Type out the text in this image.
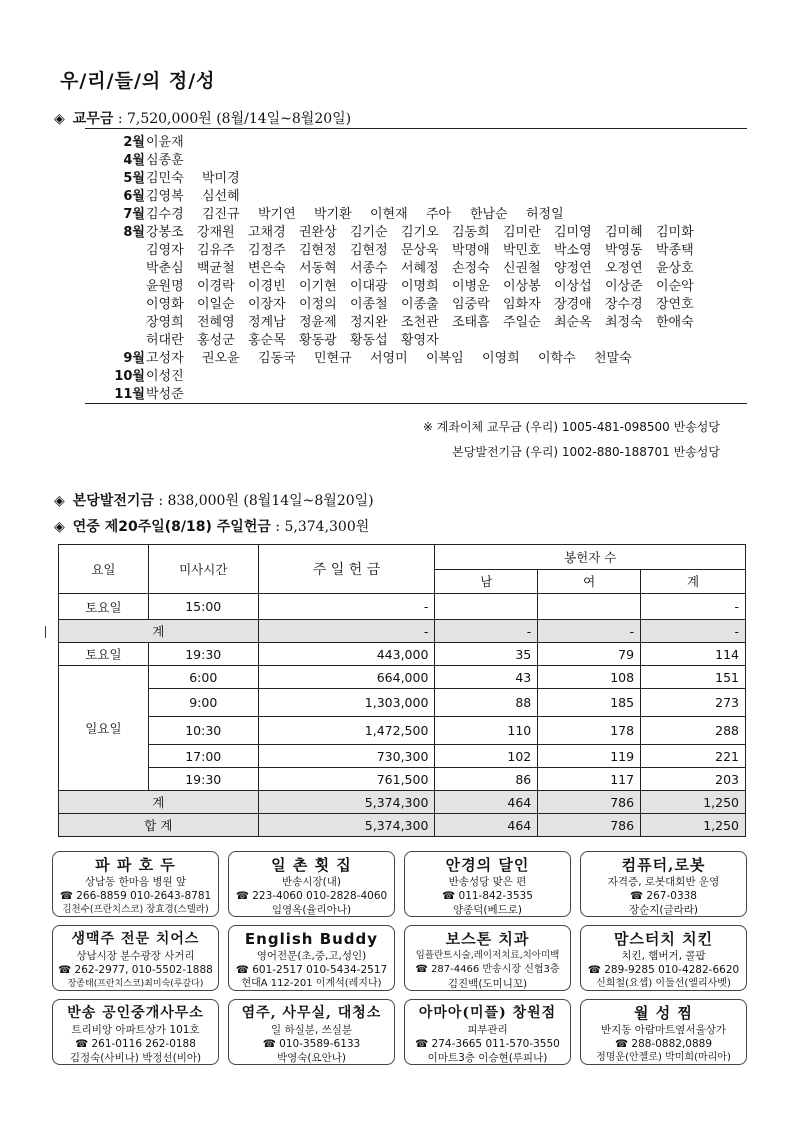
우/리/들/의 정/성
◈ 교무금 : 7,520,000원 (8월/14일~8월20일)
2월 이윤재
4월 심종훈
5월 김민숙	박미경
6월 김영복	심선혜
7월 김수경	김진규	박기연	박기환	이현재	주아	한남순	허정일
8월 강봉조	강재원	고채경	권완상	김기순	김기오	김동희	김미란	김미영	김미혜	김미화
김영자	김유주	김정주	김현정	김현정	문상욱	박명애	박민호	박소영	박영동	박종택
박춘심	백균철	변은숙	서동혁	서종수	서혜정	손정숙	신권철	양정연	오정연	윤상호
윤원명	이경락	이경빈	이기현	이대광	이명희	이병운	이상봉	이상섭	이상준	이순악
이영화	이일순	이장자	이정의	이종철	이종출	임중락	임화자	장경애	장수경	장연호
장영희	전혜영	정계남	정윤제	정지완	조천관	조태흠	주일순	최순옥	최정숙	한애숙
허대란	홍성군	홍순목	황동광	황동섭	황영자
9월 고성자	권오윤	김동국	민현규	서영미	이복임	이영희	이학수	천말숙
10월 이성진
11월 박성준
※ 계좌이체 교무금 (우리) 1005-481-098500 반송성당
본당발전기금 (우리) 1002-880-188701 반송성당
◈ 본당발전기금 : 838,000원 (8월14일~8월20일)
◈ 연중 제20주일(8/18) 주일헌금 : 5,374,300원
요일	미사시간	주 일 헌 금	봉헌자 수		
			남	여	계
토요일	15:00	-			-
계		-	-	-	-
토요일	19:30	443,000	35	79	114
일요일	6:00	664,000	43	108	151
	9:00	1,303,000	88	185	273
	10:30	1,472,500	110	178	288
	17:00	730,300	102	119	221
	19:30	761,500	86	117	203
계		5,374,300	464	786	1,250
합 계		5,374,300	464	786	1,250
파 파 호 두
상남동 한마음 병원 앞
☎ 266-8859 010-2643-8781
김천수(프란치스코) 장효경(스텔라)
일 촌 횟 집
반송시장(내)
☎ 223-4060 010-2828-4060
임영옥(율리아나)
안경의 달인
반송성당 맞은 편
☎ 011-842-3535
양종덕(베드로)
컴퓨터,로봇
자격증, 로봇대회반 운영
☎ 267-0338
장순지(글라라)
생맥주 전문 치어스
상남시장 분수광장 사거리
☎ 262-2977, 010-5502-1888
장종태(프란치스코)최미숙(루갈다)
English Buddy
영어전문(초,중,고,성인)
☎ 601-2517 010-5434-2517
현대A 112-201 이계석(레지나)
보스톤 치과
임플란트시술,레이저치료,치아미백
☎ 287-4466 반송시장 신협3층
김진백(도미니꼬)
맘스터치 치킨
치킨, 햄버거, 콜팝
☎ 289-9285 010-4282-6620
신희철(요셉) 이둘선(엘리사벳)
반송 공인중개사무소
트리비앙 아파트상가 101호
☎ 261-0116 262-0188
김정숙(사비나) 박정선(비아)
염주, 사무실, 대청소
일 하실분, 쓰실분
☎ 010-3589-6133
박영숙(요안나)
아마아(미플) 창원점
피부관리
☎ 274-3665 011-570-3550
이마트3층 이승현(루피나)
월 성 찜
반지동 아람마트옆서울상가
☎ 288-0882,0889
정명운(안젤로) 박미희(마리아)
